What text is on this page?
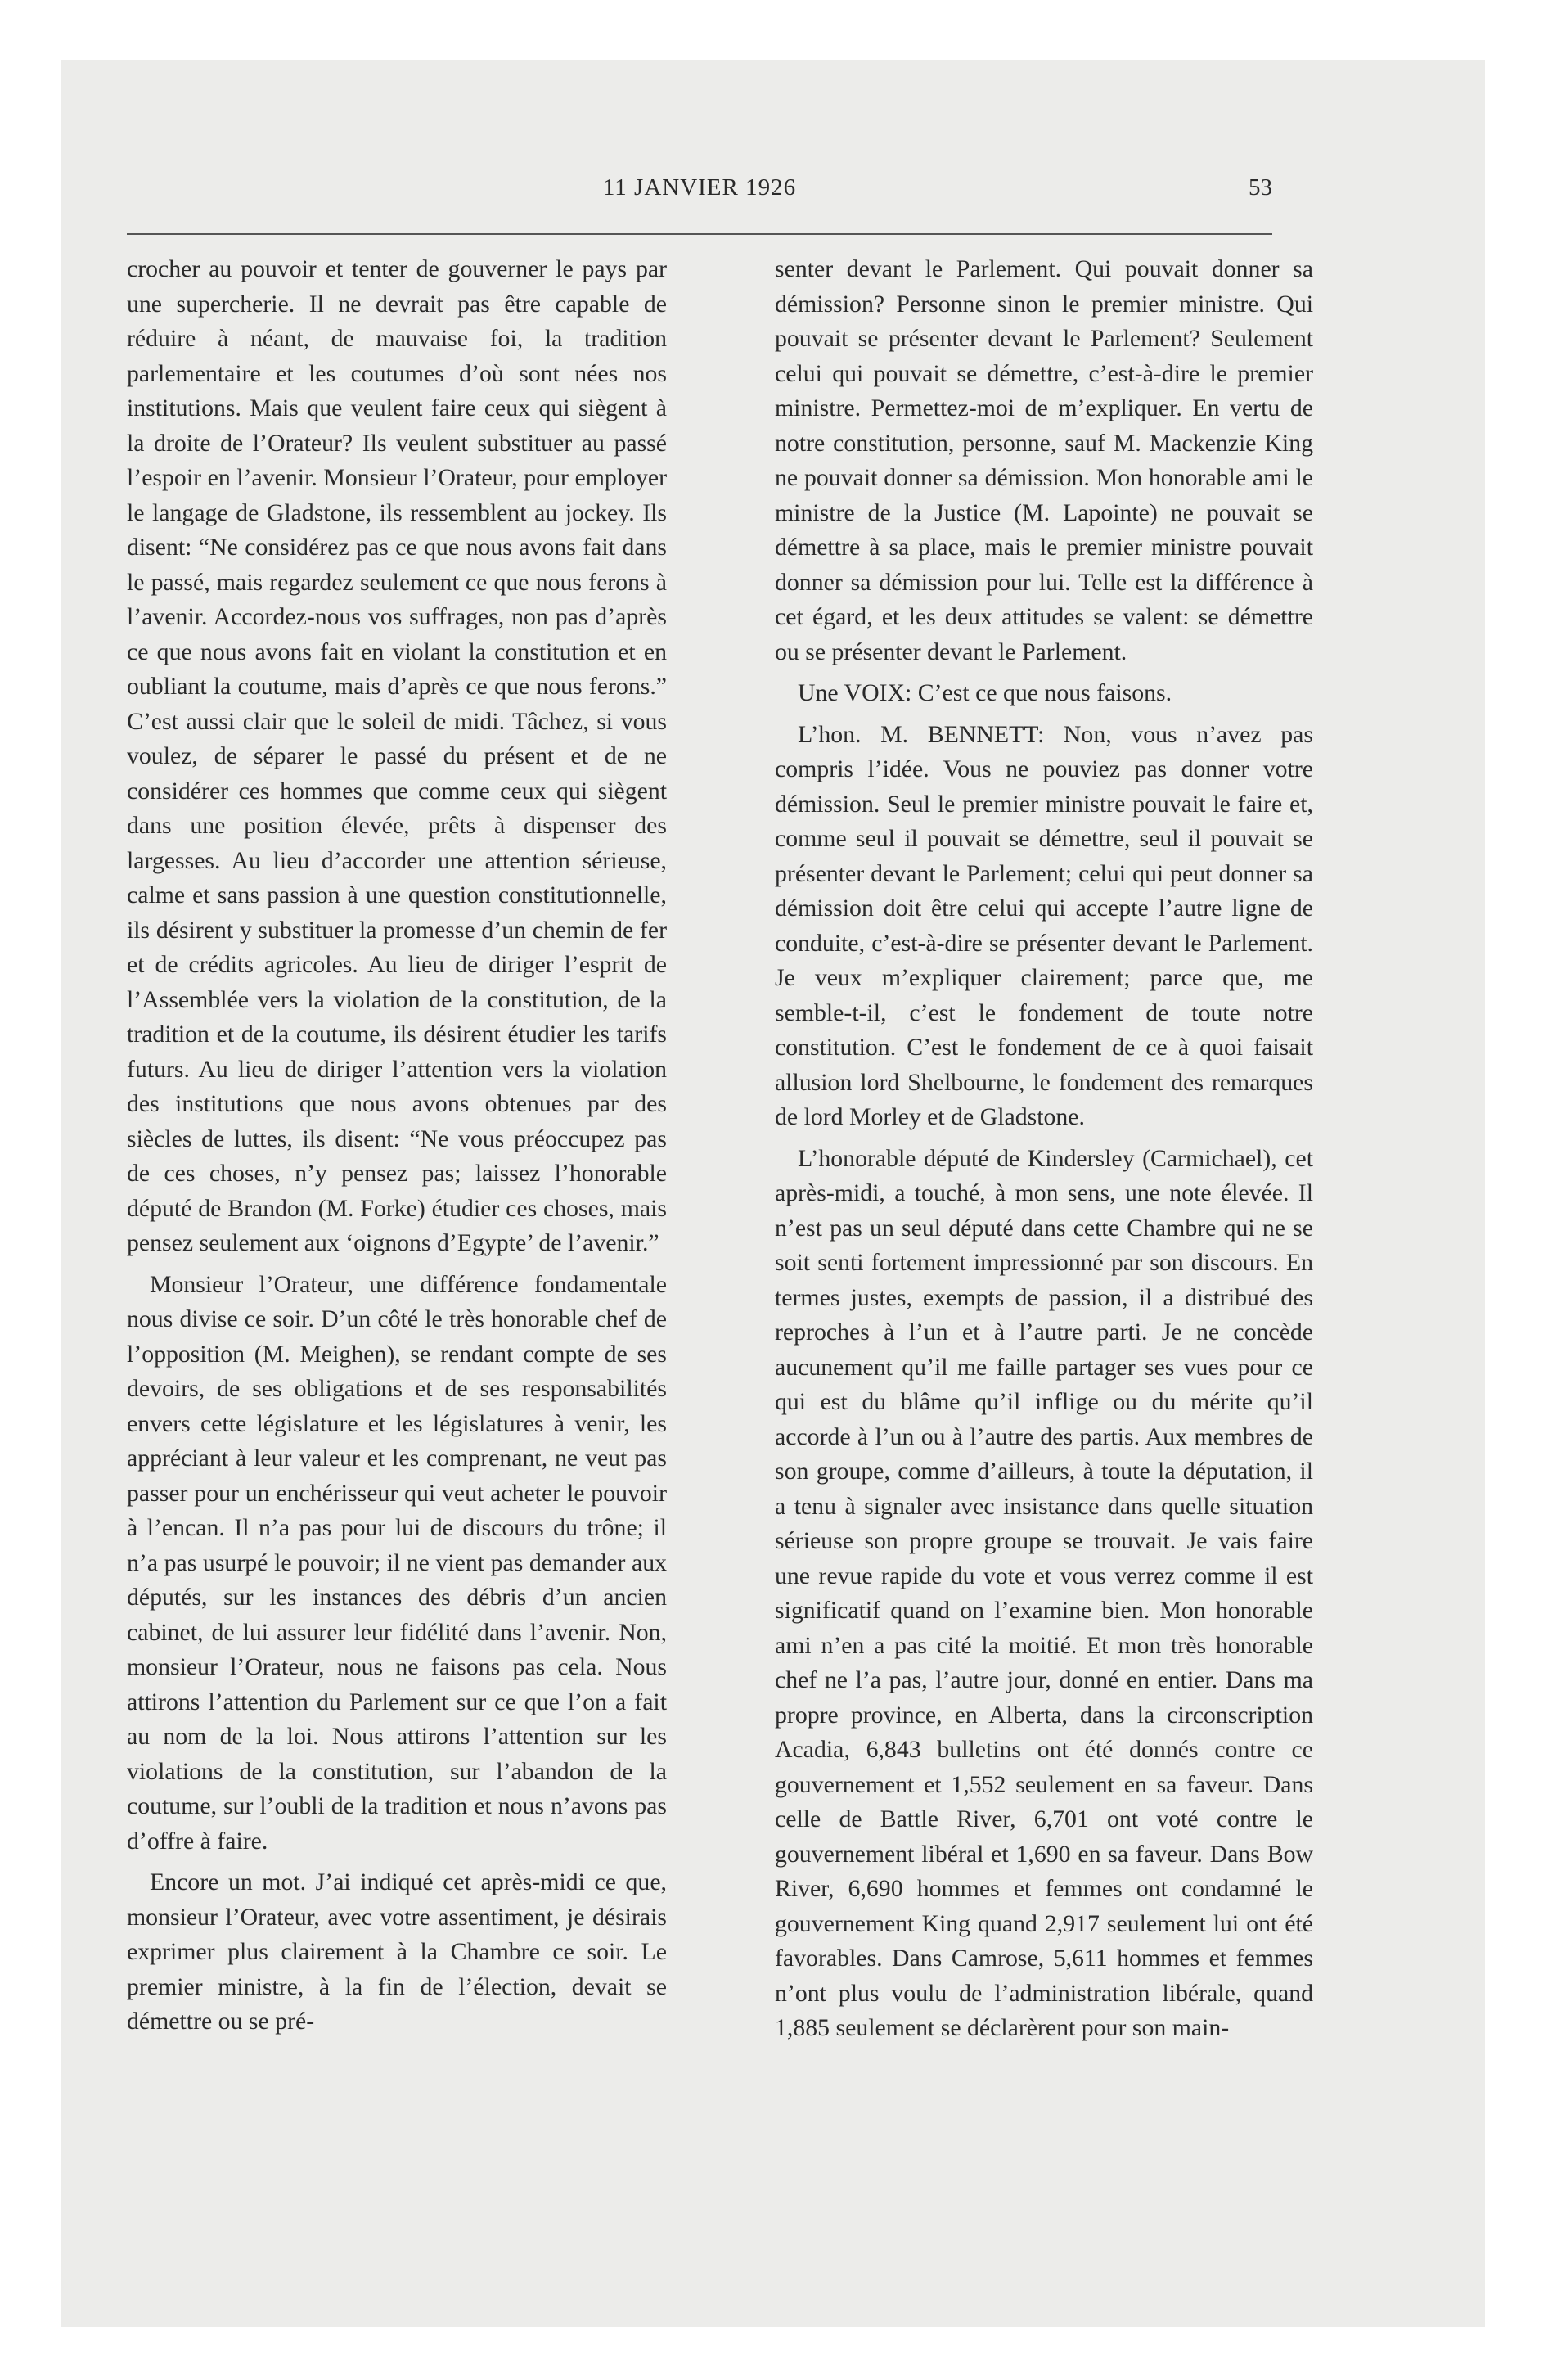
11 JANVIER 1926	53

crocher au pouvoir et tenter de gouverner le pays par une supercherie. Il ne devrait pas être capable de réduire à néant, de mauvaise foi, la tradition parlementaire et les coutumes d’où sont nées nos institutions. Mais que veulent faire ceux qui siègent à la droite de l’Orateur? Ils veulent substituer au passé l’espoir en l’avenir. Monsieur l’Orateur, pour employer le langage de Gladstone, ils ressemblent au jockey. Ils disent: “Ne considérez pas ce que nous avons fait dans le passé, mais regardez seulement ce que nous ferons à l’avenir. Accordez-nous vos suffrages, non pas d’après ce que nous avons fait en violant la constitution et en oubliant la coutume, mais d’après ce que nous ferons.” C’est aussi clair que le soleil de midi. Tâchez, si vous voulez, de séparer le passé du présent et de ne considérer ces hommes que comme ceux qui siègent dans une position élevée, prêts à dispenser des largesses. Au lieu d’accorder une attention sérieuse, calme et sans passion à une question constitutionnelle, ils désirent y substituer la promesse d’un chemin de fer et de crédits agricoles. Au lieu de diriger l’esprit de l’Assemblée vers la violation de la constitution, de la tradition et de la coutume, ils désirent étudier les tarifs futurs. Au lieu de diriger l’attention vers la violation des institutions que nous avons obtenues par des siècles de luttes, ils disent: “Ne vous préoccupez pas de ces choses, n’y pensez pas; laissez l’honorable député de Brandon (M. Forke) étudier ces choses, mais pensez seulement aux ‘oignons d’Egypte’ de l’avenir.”

Monsieur l’Orateur, une différence fondamentale nous divise ce soir. D’un côté le très honorable chef de l’opposition (M. Meighen), se rendant compte de ses devoirs, de ses obligations et de ses responsabilités envers cette législature et les législatures à venir, les appréciant à leur valeur et les comprenant, ne veut pas passer pour un enchérisseur qui veut acheter le pouvoir à l’encan. Il n’a pas pour lui de discours du trône; il n’a pas usurpé le pouvoir; il ne vient pas demander aux députés, sur les instances des débris d’un ancien cabinet, de lui assurer leur fidélité dans l’avenir. Non, monsieur l’Orateur, nous ne faisons pas cela. Nous attirons l’attention du Parlement sur ce que l’on a fait au nom de la loi. Nous attirons l’attention sur les violations de la constitution, sur l’abandon de la coutume, sur l’oubli de la tradition et nous n’avons pas d’offre à faire.

Encore un mot. J’ai indiqué cet après-midi ce que, monsieur l’Orateur, avec votre assentiment, je désirais exprimer plus clairement à la Chambre ce soir. Le premier ministre, à la fin de l’élection, devait se démettre ou se pré-

senter devant le Parlement. Qui pouvait donner sa démission? Personne sinon le premier ministre. Qui pouvait se présenter devant le Parlement? Seulement celui qui pouvait se démettre, c’est-à-dire le premier ministre. Permettez-moi de m’expliquer. En vertu de notre constitution, personne, sauf M. Mackenzie King ne pouvait donner sa démission. Mon honorable ami le ministre de la Justice (M. Lapointe) ne pouvait se démettre à sa place, mais le premier ministre pouvait donner sa démission pour lui. Telle est la différence à cet égard, et les deux attitudes se valent: se démettre ou se présenter devant le Parlement.

Une VOIX: C’est ce que nous faisons.

L’hon. M. BENNETT: Non, vous n’avez pas compris l’idée. Vous ne pouviez pas donner votre démission. Seul le premier ministre pouvait le faire et, comme seul il pouvait se démettre, seul il pouvait se présenter devant le Parlement; celui qui peut donner sa démission doit être celui qui accepte l’autre ligne de conduite, c’est-à-dire se présenter devant le Parlement. Je veux m’expliquer clairement; parce que, me semble-t-il, c’est le fondement de toute notre constitution. C’est le fondement de ce à quoi faisait allusion lord Shelbourne, le fondement des remarques de lord Morley et de Gladstone.

L’honorable député de Kindersley (Carmichael), cet après-midi, a touché, à mon sens, une note élevée. Il n’est pas un seul député dans cette Chambre qui ne se soit senti fortement impressionné par son discours. En termes justes, exempts de passion, il a distribué des reproches à l’un et à l’autre parti. Je ne concède aucunement qu’il me faille partager ses vues pour ce qui est du blâme qu’il inflige ou du mérite qu’il accorde à l’un ou à l’autre des partis. Aux membres de son groupe, comme d’ailleurs, à toute la députation, il a tenu à signaler avec insistance dans quelle situation sérieuse son propre groupe se trouvait. Je vais faire une revue rapide du vote et vous verrez comme il est significatif quand on l’examine bien. Mon honorable ami n’en a pas cité la moitié. Et mon très honorable chef ne l’a pas, l’autre jour, donné en entier. Dans ma propre province, en Alberta, dans la circonscription Acadia, 6,843 bulletins ont été donnés contre ce gouvernement et 1,552 seulement en sa faveur. Dans celle de Battle River, 6,701 ont voté contre le gouvernement libéral et 1,690 en sa faveur. Dans Bow River, 6,690 hommes et femmes ont condamné le gouvernement King quand 2,917 seulement lui ont été favorables. Dans Camrose, 5,611 hommes et femmes n’ont plus voulu de l’administration libérale, quand 1,885 seulement se déclarèrent pour son main-
